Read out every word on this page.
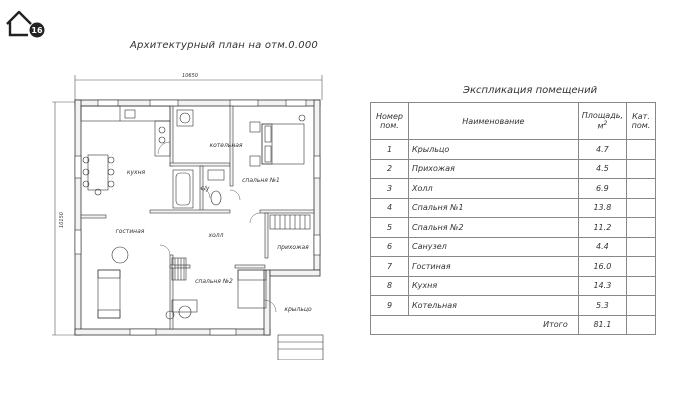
16
Архитектурный план на отм.0.000
10650
10150
котельная
кухня
с/у
спальня №1
гостиная
холл
прихожая
спальня №2
крыльцо
Экспликация помещений
Номер пом.	Наименование	Площадь, $м^2$	Кат. пом.
1	Крыльцо	4.7	
2	Прихожая	4.5	
3	Холл	6.9	
4	Спальня №1	13.8	
5	Спальня №2	11.2	
6	Санузел	4.4	
7	Гостиная	16.0	
8	Кухня	14.3	
9	Котельная	5.3	
Итого		81.1	
